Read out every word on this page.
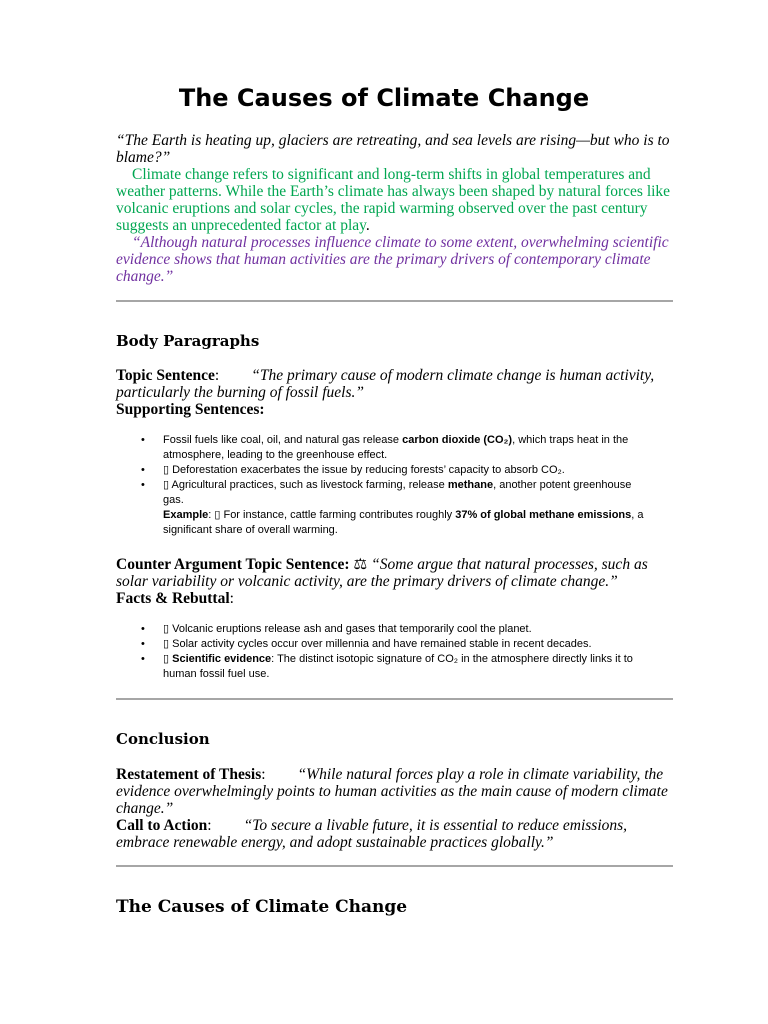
The Causes of Climate Change
“The Earth is heating up, glaciers are retreating, and sea levels are rising—but who is to blame?”
Climate change refers to significant and long-term shifts in global temperatures and weather patterns. While the Earth’s climate has always been shaped by natural forces like volcanic eruptions and solar cycles, the rapid warming observed over the past century suggests an unprecedented factor at play.
“Although natural processes influence climate to some extent, overwhelming scientific evidence shows that human activities are the primary drivers of contemporary climate change.”
Body Paragraphs
Topic Sentence: “The primary cause of modern climate change is human activity, particularly the burning of fossil fuels.”
Supporting Sentences:
• Fossil fuels like coal, oil, and natural gas release carbon dioxide (CO₂), which traps heat in the atmosphere, leading to the greenhouse effect.
• ▯ Deforestation exacerbates the issue by reducing forests’ capacity to absorb CO₂.
• ▯ Agricultural practices, such as livestock farming, release methane, another potent greenhouse gas.
Example: ▯ For instance, cattle farming contributes roughly 37% of global methane emissions, a significant share of overall warming.
Counter Argument Topic Sentence: ⚖ “Some argue that natural processes, such as solar variability or volcanic activity, are the primary drivers of climate change.”
Facts & Rebuttal:
• ▯ Volcanic eruptions release ash and gases that temporarily cool the planet.
• ▯ Solar activity cycles occur over millennia and have remained stable in recent decades.
• ▯ Scientific evidence: The distinct isotopic signature of CO₂ in the atmosphere directly links it to human fossil fuel use.
Conclusion
Restatement of Thesis: “While natural forces play a role in climate variability, the evidence overwhelmingly points to human activities as the main cause of modern climate change.”
Call to Action: “To secure a livable future, it is essential to reduce emissions, embrace renewable energy, and adopt sustainable practices globally.”
The Causes of Climate Change
